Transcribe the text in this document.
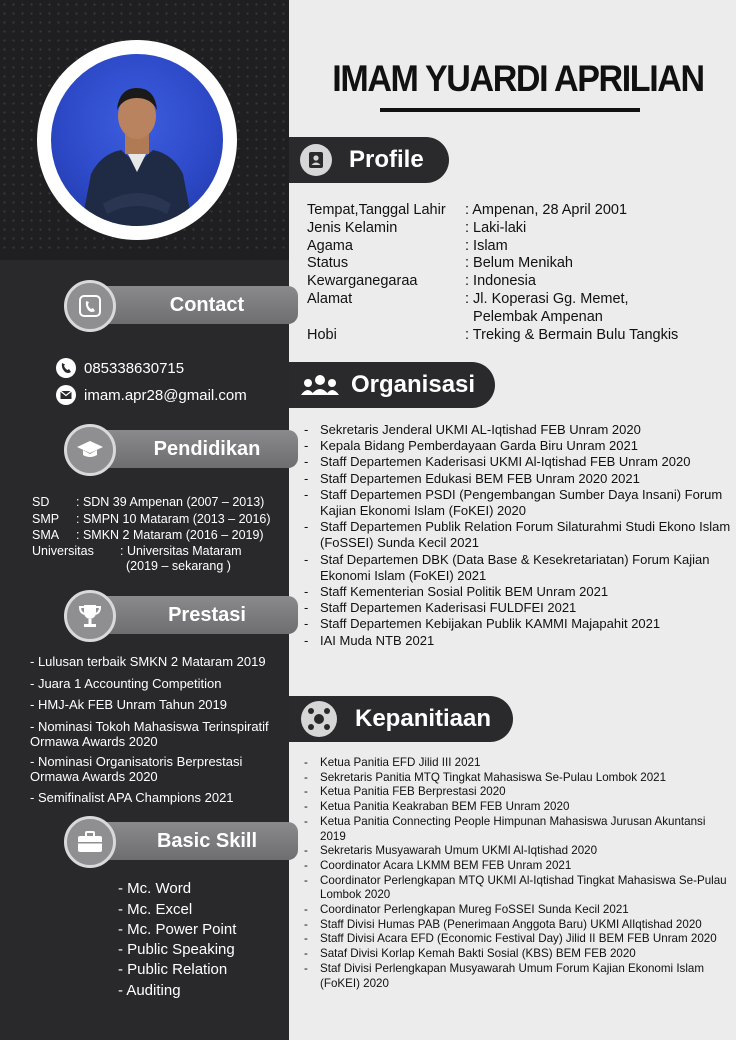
Contact
085338630715
imam.apr28@gmail.com
Pendidikan
SD : SDN 39 Ampenan (2007 – 2013)
SMP : SMPN 10 Mataram (2013 – 2016)
SMA : SMKN 2 Mataram (2016 – 2019)
Universitas : Universitas Mataram
(2019 – sekarang )
Prestasi
- Lulusan terbaik SMKN 2 Mataram 2019
- Juara 1 Accounting Competition
- HMJ-Ak FEB Unram Tahun 2019
- Nominasi Tokoh Mahasiswa Terinspiratif
Ormawa Awards 2020
- Nominasi Organisatoris Berprestasi
Ormawa Awards 2020
- Semifinalist APA Champions 2021
Basic Skill
- Mc. Word
- Mc. Excel
- Mc. Power Point
- Public Speaking
- Public Relation
- Auditing
IMAM YUARDI APRILIAN
Profile
Tempat,Tanggal Lahir : Ampenan, 28 April 2001
Jenis Kelamin	: Laki-laki
Agama	: Islam
Status	: Belum Menikah
Kewarganegaraa	: Indonesia
Alamat	: Jl. Koperasi Gg. Memet,
Pelembak Ampenan
Hobi	: Treking & Bermain Bulu Tangkis
Organisasi
- Sekretaris Jenderal UKMI AL-Iqtishad FEB Unram 2020
- Kepala Bidang Pemberdayaan Garda Biru Unram 2021
- Staff Departemen Kaderisasi UKMI Al-Iqtishad FEB Unram 2020
- Staff Departemen Edukasi BEM FEB Unram 2020 2021
- Staff Departemen PSDI (Pengembangan Sumber Daya Insani) Forum Kajian Ekonomi Islam (FoKEI) 2020
- Staff Departemen Publik Relation Forum Silaturahmi Studi Ekono Islam (FoSSEI) Sunda Kecil 2021
- Staf Departemen DBK (Data Base & Kesekretariatan) Forum Kajian Ekonomi Islam (FoKEI) 2021
- Staff Kementerian Sosial Politik BEM Unram 2021
- Staff Departemen Kaderisasi FULDFEI 2021
- Staff Departemen Kebijakan Publik KAMMI Majapahit 2021
- IAI Muda NTB 2021
Kepanitiaan
- Ketua Panitia EFD Jilid III 2021
- Sekretaris Panitia MTQ Tingkat Mahasiswa Se-Pulau Lombok 2021
- Ketua Panitia FEB Berprestasi 2020
- Ketua Panitia Keakraban BEM FEB Unram 2020
- Ketua Panitia Connecting People Himpunan Mahasiswa Jurusan Akuntansi 2019
- Sekretaris Musyawarah Umum UKMI Al-Iqtishad 2020
- Coordinator Acara LKMM BEM FEB Unram 2021
- Coordinator Perlengkapan MTQ UKMI Al-Iqtishad Tingkat Mahasiswa Se-Pulau Lombok 2020
- Coordinator Perlengkapan Mureg FoSSEI Sunda Kecil 2021
- Staff Divisi Humas PAB (Penerimaan Anggota Baru) UKMI AlIqtishad 2020
- Staff Divisi Acara EFD (Economic Festival Day) Jilid II BEM FEB Unram 2020
- Sataf Divisi Korlap Kemah Bakti Sosial (KBS) BEM FEB 2020
- Staf Divisi Perlengkapan Musyawarah Umum Forum Kajian Ekonomi Islam (FoKEI) 2020
